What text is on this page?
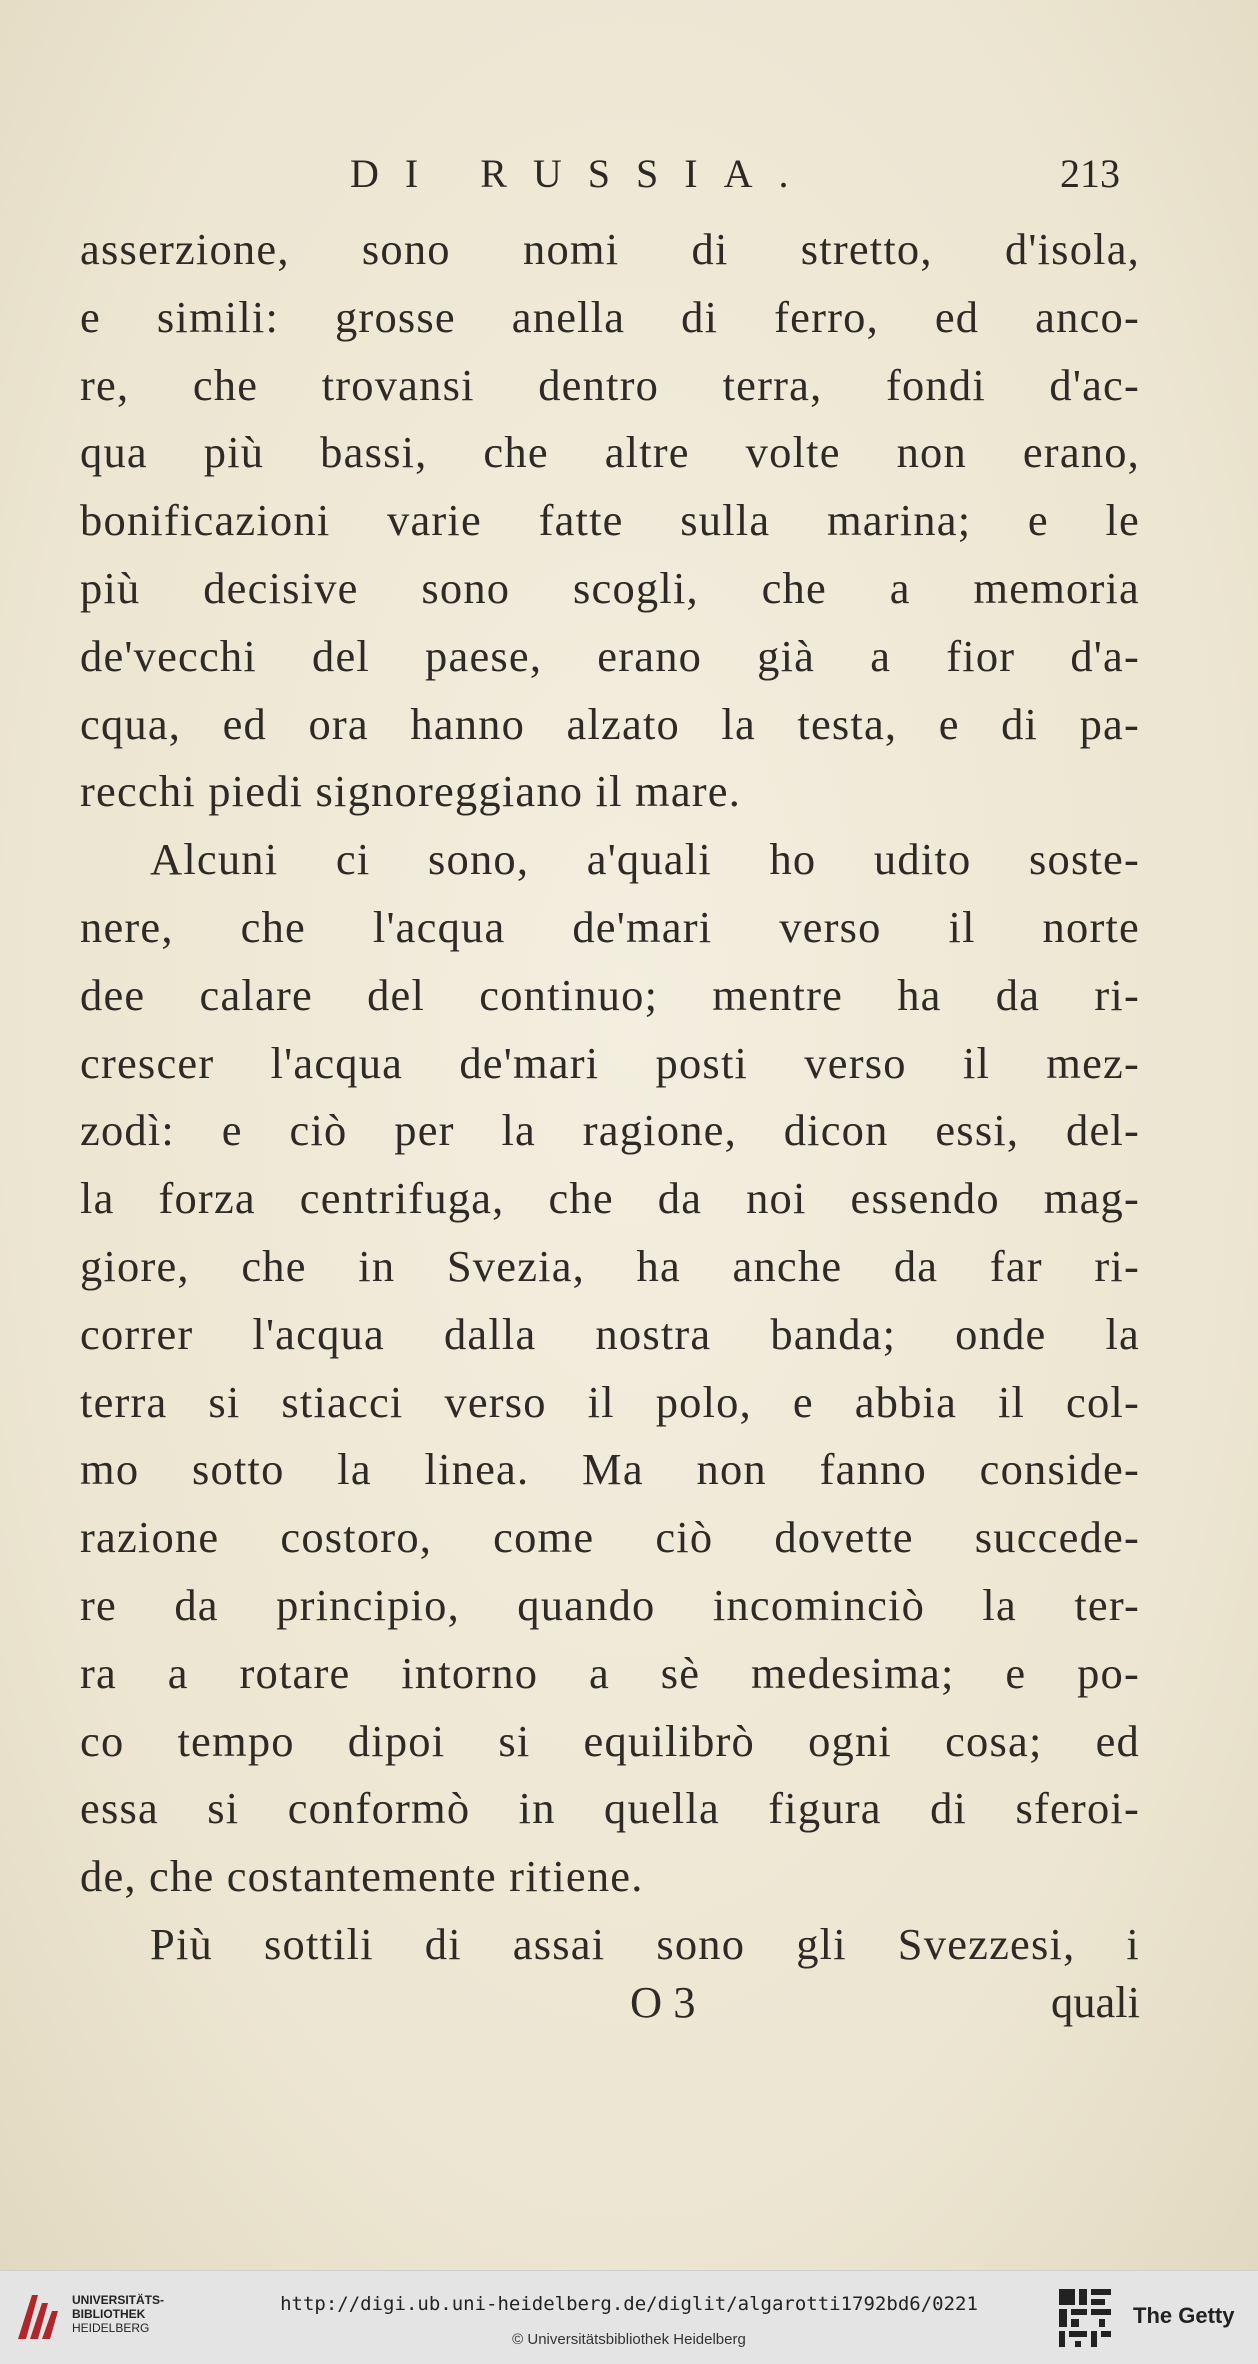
DI RUSSIA.	213
asserzione, sono nomi di stretto, d'isola,
e simili: grosse anella di ferro, ed anco-
re, che trovansi dentro terra, fondi d'ac-
qua più bassi, che altre volte non erano,
bonificazioni varie fatte sulla marina; e le
più decisive sono scogli, che a memoria
de'vecchi del paese, erano già a fior d'a-
cqua, ed ora hanno alzato la testa, e di pa-
recchi piedi signoreggiano il mare.
Alcuni ci sono, a'quali ho udito soste-
nere, che l'acqua de'mari verso il norte
dee calare del continuo; mentre ha da ri-
crescer l'acqua de'mari posti verso il mez-
zodì: e ciò per la ragione, dicon essi, del-
la forza centrifuga, che da noi essendo mag-
giore, che in Svezia, ha anche da far ri-
correr l'acqua dalla nostra banda; onde la
terra si stiacci verso il polo, e abbia il col-
mo sotto la linea. Ma non fanno conside-
razione costoro, come ciò dovette succede-
re da principio, quando incominciò la ter-
ra a rotare intorno a sè medesima; e po-
co tempo dipoi si equilibrò ogni cosa; ed
essa si conformò in quella figura di sferoi-
de, che costantemente ritiene.
Più sottili di assai sono gli Svezzesi, i
O 3	quali
UNIVERSITÄTS-
BIBLIOTHEK
HEIDELBERG
http://digi.ub.uni-heidelberg.de/diglit/algarotti1792bd6/0221
© Universitätsbibliothek Heidelberg
The Getty
